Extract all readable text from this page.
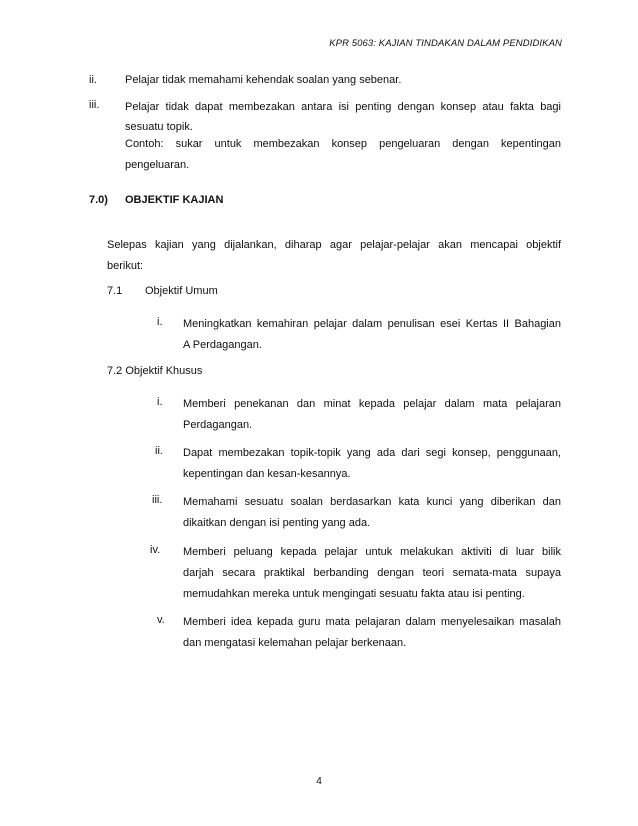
KPR 5063: KAJIAN TINDAKAN DALAM PENDIDIKAN
ii.	Pelajar tidak memahami kehendak soalan yang sebenar.
iii. Pelajar tidak dapat membezakan antara isi penting dengan konsep atau fakta bagi
sesuatu topik.
Contoh: sukar untuk membezakan konsep pengeluaran dengan kepentingan
pengeluaran.
7.0) OBJEKTIF KAJIAN
Selepas kajian yang dijalankan, diharap agar pelajar-pelajar akan mencapai objektif
berikut:
7.1 Objektif Umum
i. Meningkatkan kemahiran pelajar dalam penulisan esei Kertas II Bahagian
A Perdagangan.
7.2 Objektif Khusus
i. Memberi penekanan dan minat kepada pelajar dalam mata pelajaran
Perdagangan.
ii. Dapat membezakan topik-topik yang ada dari segi konsep, penggunaan,
kepentingan dan kesan-kesannya.
iii. Memahami sesuatu soalan berdasarkan kata kunci yang diberikan dan
dikaitkan dengan isi penting yang ada.
iv. Memberi peluang kepada pelajar untuk melakukan aktiviti di luar bilik
darjah secara praktikal berbanding dengan teori semata-mata supaya
memudahkan mereka untuk mengingati sesuatu fakta atau isi penting.
v. Memberi idea kepada guru mata pelajaran dalam menyelesaikan masalah
dan mengatasi kelemahan pelajar berkenaan.
4
